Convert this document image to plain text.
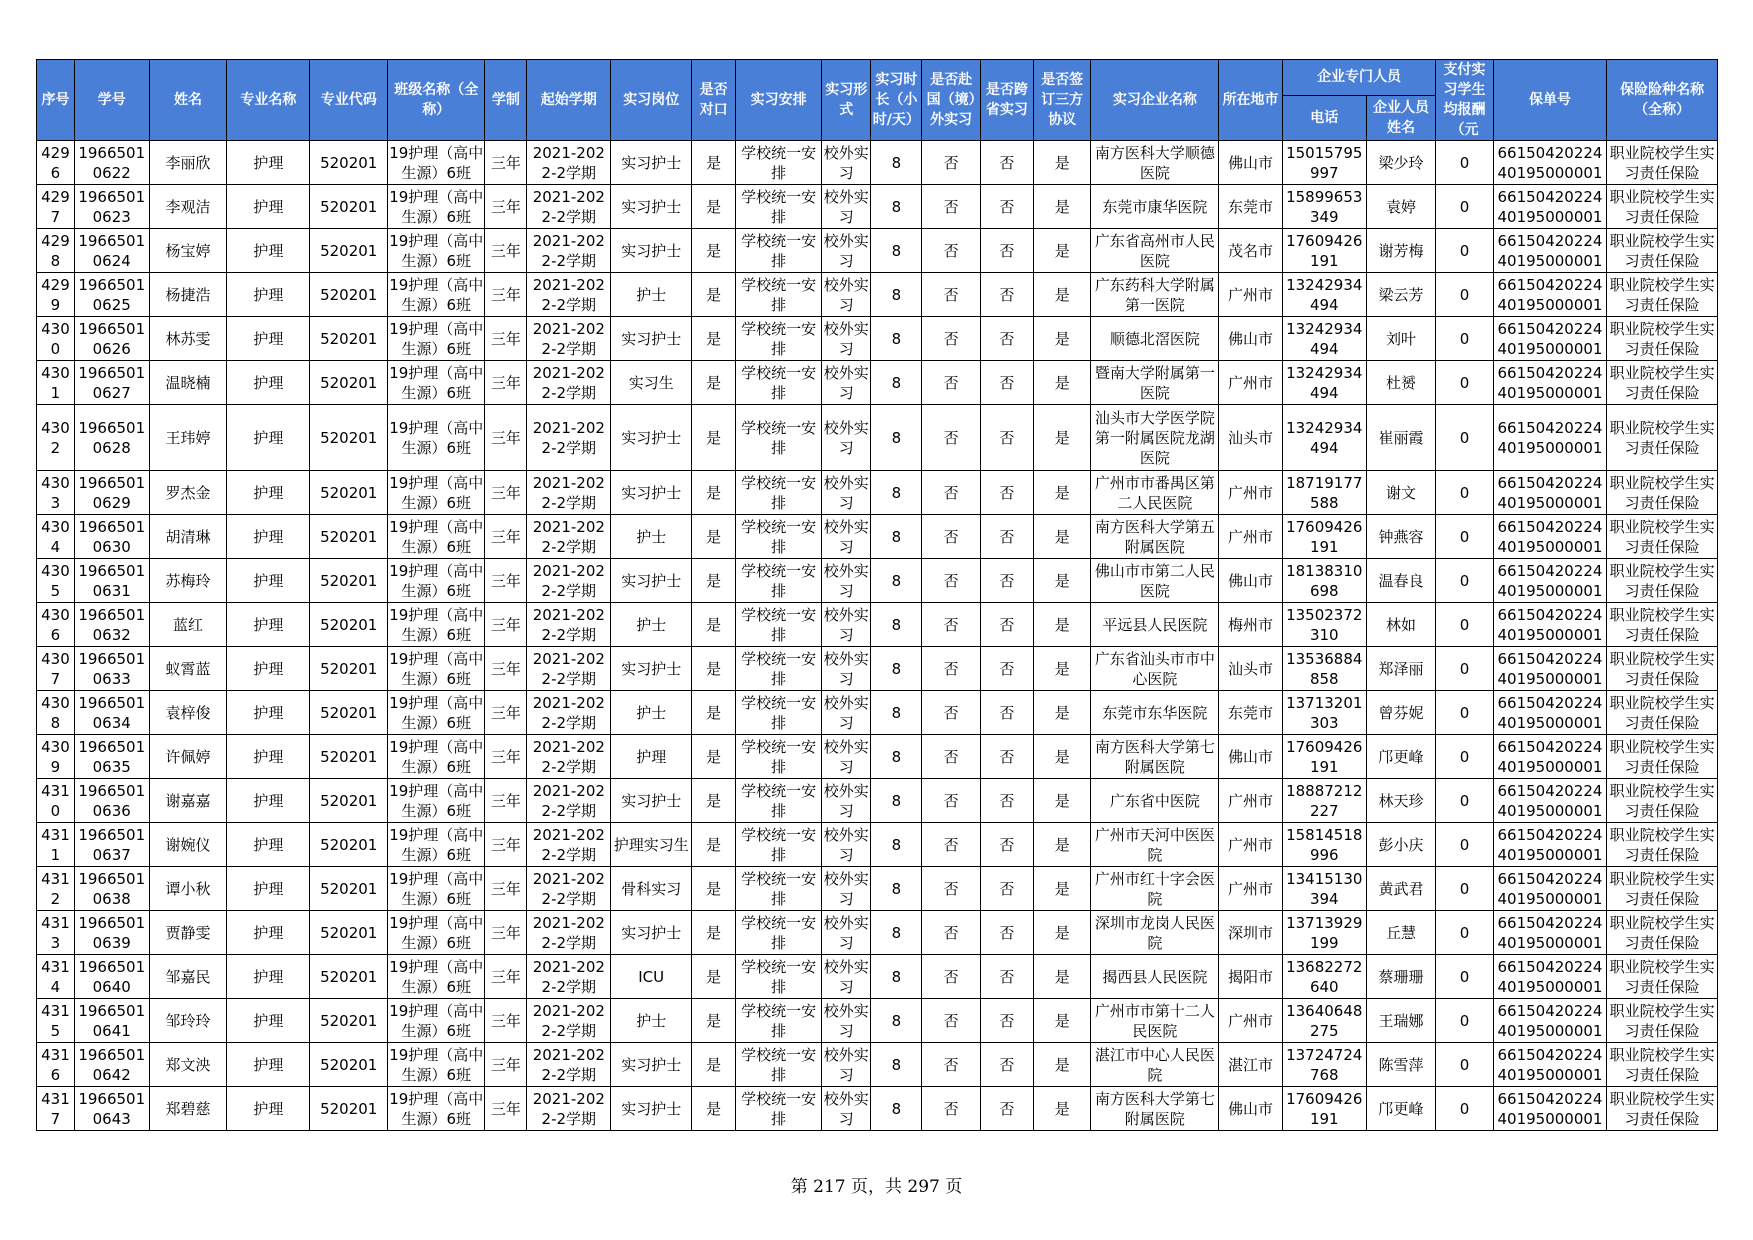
序号	学号	姓名	专业名称	专业代码	班级名称（全称）	学制	起始学期	实习岗位	是否对口	实习安排	实习形式	实习时长（小时/天）	是否赴国（境）外实习	是否跨省实习	是否签订三方协议	实习企业名称	所在地市	企业专门人员		支付实习学生均报酬（元	保单号	保险险种名称（全称）
																		电话	企业人员姓名			

4296	19665010622	李丽欣	护理	520201	19护理（高中生源）6班	三年	2021-2022-2学期	实习护士	是	学校统一安排	校外实习	8	否	否	是	南方医科大学顺德医院	佛山市	15015795997	梁少玲	0	6615042022440195000001	职业院校学生实习责任保险

4297	19665010623	李观洁	护理	520201	19护理（高中生源）6班	三年	2021-2022-2学期	实习护士	是	学校统一安排	校外实习	8	否	否	是	东莞市康华医院	东莞市	15899653349	袁婷	0	6615042022440195000001	职业院校学生实习责任保险

4298	19665010624	杨宝婷	护理	520201	19护理（高中生源）6班	三年	2021-2022-2学期	实习护士	是	学校统一安排	校外实习	8	否	否	是	广东省高州市人民医院	茂名市	17609426191	谢芳梅	0	6615042022440195000001	职业院校学生实习责任保险

4299	19665010625	杨捷浩	护理	520201	19护理（高中生源）6班	三年	2021-2022-2学期	护士	是	学校统一安排	校外实习	8	否	否	是	广东药科大学附属第一医院	广州市	13242934494	梁云芳	0	6615042022440195000001	职业院校学生实习责任保险

4300	19665010626	林苏雯	护理	520201	19护理（高中生源）6班	三年	2021-2022-2学期	实习护士	是	学校统一安排	校外实习	8	否	否	是	顺德北滘医院	佛山市	13242934494	刘叶	0	6615042022440195000001	职业院校学生实习责任保险

4301	19665010627	温晓楠	护理	520201	19护理（高中生源）6班	三年	2021-2022-2学期	实习生	是	学校统一安排	校外实习	8	否	否	是	暨南大学附属第一医院	广州市	13242934494	杜赟	0	6615042022440195000001	职业院校学生实习责任保险

4302	19665010628	王玮婷	护理	520201	19护理（高中生源）6班	三年	2021-2022-2学期	实习护士	是	学校统一安排	校外实习	8	否	否	是	汕头市大学医学院第一附属医院龙湖医院	汕头市	13242934494	崔丽霞	0	6615042022440195000001	职业院校学生实习责任保险

4303	19665010629	罗杰金	护理	520201	19护理（高中生源）6班	三年	2021-2022-2学期	实习护士	是	学校统一安排	校外实习	8	否	否	是	广州市市番禺区第二人民医院	广州市	18719177588	谢文	0	6615042022440195000001	职业院校学生实习责任保险

4304	19665010630	胡清琳	护理	520201	19护理（高中生源）6班	三年	2021-2022-2学期	护士	是	学校统一安排	校外实习	8	否	否	是	南方医科大学第五附属医院	广州市	17609426191	钟燕容	0	6615042022440195000001	职业院校学生实习责任保险

4305	19665010631	苏梅玲	护理	520201	19护理（高中生源）6班	三年	2021-2022-2学期	实习护士	是	学校统一安排	校外实习	8	否	否	是	佛山市市第二人民医院	佛山市	18138310698	温春良	0	6615042022440195000001	职业院校学生实习责任保险

4306	19665010632	蓝红	护理	520201	19护理（高中生源）6班	三年	2021-2022-2学期	护士	是	学校统一安排	校外实习	8	否	否	是	平远县人民医院	梅州市	13502372310	林如	0	6615042022440195000001	职业院校学生实习责任保险

4307	19665010633	蚁霄蓝	护理	520201	19护理（高中生源）6班	三年	2021-2022-2学期	实习护士	是	学校统一安排	校外实习	8	否	否	是	广东省汕头市市中心医院	汕头市	13536884858	郑泽丽	0	6615042022440195000001	职业院校学生实习责任保险

4308	19665010634	袁梓俊	护理	520201	19护理（高中生源）6班	三年	2021-2022-2学期	护士	是	学校统一安排	校外实习	8	否	否	是	东莞市东华医院	东莞市	13713201303	曾芬妮	0	6615042022440195000001	职业院校学生实习责任保险

4309	19665010635	许佩婷	护理	520201	19护理（高中生源）6班	三年	2021-2022-2学期	护理	是	学校统一安排	校外实习	8	否	否	是	南方医科大学第七附属医院	佛山市	17609426191	邝更峰	0	6615042022440195000001	职业院校学生实习责任保险

4310	19665010636	谢嘉嘉	护理	520201	19护理（高中生源）6班	三年	2021-2022-2学期	实习护士	是	学校统一安排	校外实习	8	否	否	是	广东省中医院	广州市	18887212227	林天珍	0	6615042022440195000001	职业院校学生实习责任保险

4311	19665010637	谢婉仪	护理	520201	19护理（高中生源）6班	三年	2021-2022-2学期	护理实习生	是	学校统一安排	校外实习	8	否	否	是	广州市天河中医医院	广州市	15814518996	彭小庆	0	6615042022440195000001	职业院校学生实习责任保险

4312	19665010638	谭小秋	护理	520201	19护理（高中生源）6班	三年	2021-2022-2学期	骨科实习	是	学校统一安排	校外实习	8	否	否	是	广州市红十字会医院	广州市	13415130394	黄武君	0	6615042022440195000001	职业院校学生实习责任保险

4313	19665010639	贾静雯	护理	520201	19护理（高中生源）6班	三年	2021-2022-2学期	实习护士	是	学校统一安排	校外实习	8	否	否	是	深圳市龙岗人民医院	深圳市	13713929199	丘慧	0	6615042022440195000001	职业院校学生实习责任保险

4314	19665010640	邹嘉民	护理	520201	19护理（高中生源）6班	三年	2021-2022-2学期	ICU	是	学校统一安排	校外实习	8	否	否	是	揭西县人民医院	揭阳市	13682272640	蔡珊珊	0	6615042022440195000001	职业院校学生实习责任保险

4315	19665010641	邹玲玲	护理	520201	19护理（高中生源）6班	三年	2021-2022-2学期	护士	是	学校统一安排	校外实习	8	否	否	是	广州市市第十二人民医院	广州市	13640648275	王瑞娜	0	6615042022440195000001	职业院校学生实习责任保险

4316	19665010642	郑文泱	护理	520201	19护理（高中生源）6班	三年	2021-2022-2学期	实习护士	是	学校统一安排	校外实习	8	否	否	是	湛江市中心人民医院	湛江市	13724724768	陈雪萍	0	6615042022440195000001	职业院校学生实习责任保险

4317	19665010643	郑碧慈	护理	520201	19护理（高中生源）6班	三年	2021-2022-2学期	实习护士	是	学校统一安排	校外实习	8	否	否	是	南方医科大学第七附属医院	佛山市	17609426191	邝更峰	0	6615042022440195000001	职业院校学生实习责任保险
第 217 页，共 297 页
